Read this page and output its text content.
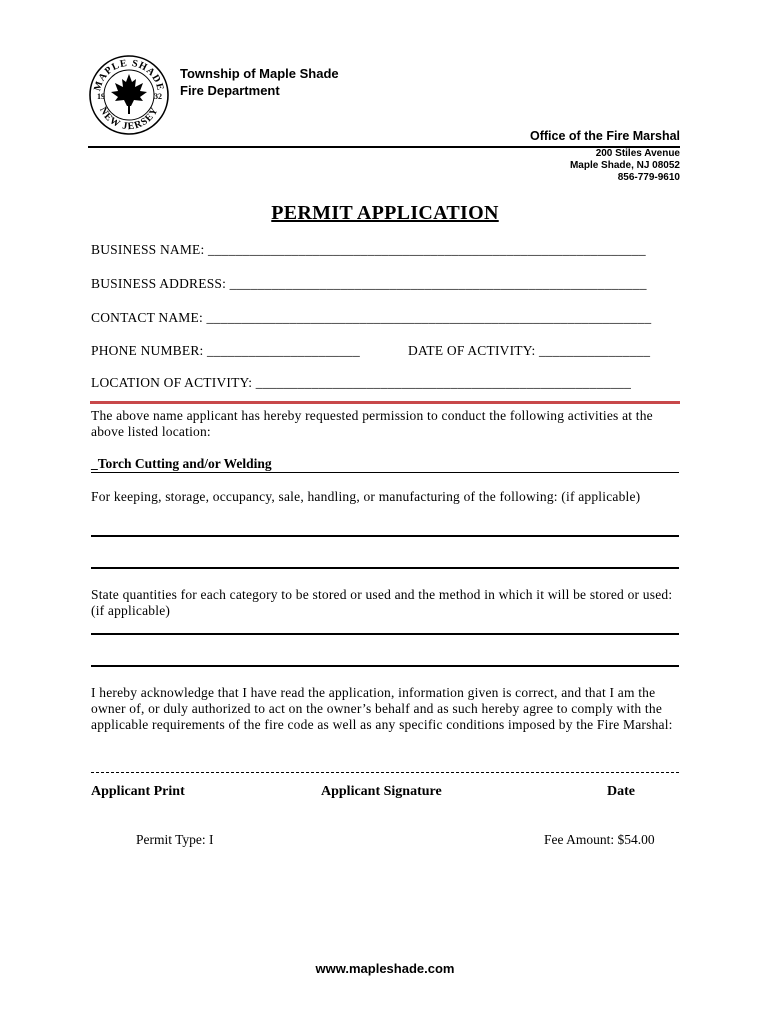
MAPLE SHADE
NEW JERSEY
19	32
Township of Maple Shade
Fire Department
Office of the Fire Marshal
200 Stiles Avenue
Maple Shade, NJ 08052
856-779-9610
PERMIT APPLICATION
BUSINESS NAME: _______________________________________________________________
BUSINESS ADDRESS: ____________________________________________________________
CONTACT NAME: ________________________________________________________________
PHONE NUMBER: ______________________	DATE OF ACTIVITY: ________________
LOCATION OF ACTIVITY: ______________________________________________________
The above name applicant has hereby requested permission to conduct the following activities at the above listed location:
_Torch Cutting and/or Welding
For keeping, storage, occupancy, sale, handling, or manufacturing of the following: (if applicable)
State quantities for each category to be stored or used and the method in which it will be stored or used: (if applicable)
I hereby acknowledge that I have read the application, information given is correct, and that I am the owner of, or duly authorized to act on the owner’s behalf and as such hereby agree to comply with the applicable requirements of the fire code as well as any specific conditions imposed by the Fire Marshal:
Applicant Print	Applicant Signature	Date
Permit Type: I	Fee Amount: $54.00
www.mapleshade.com
